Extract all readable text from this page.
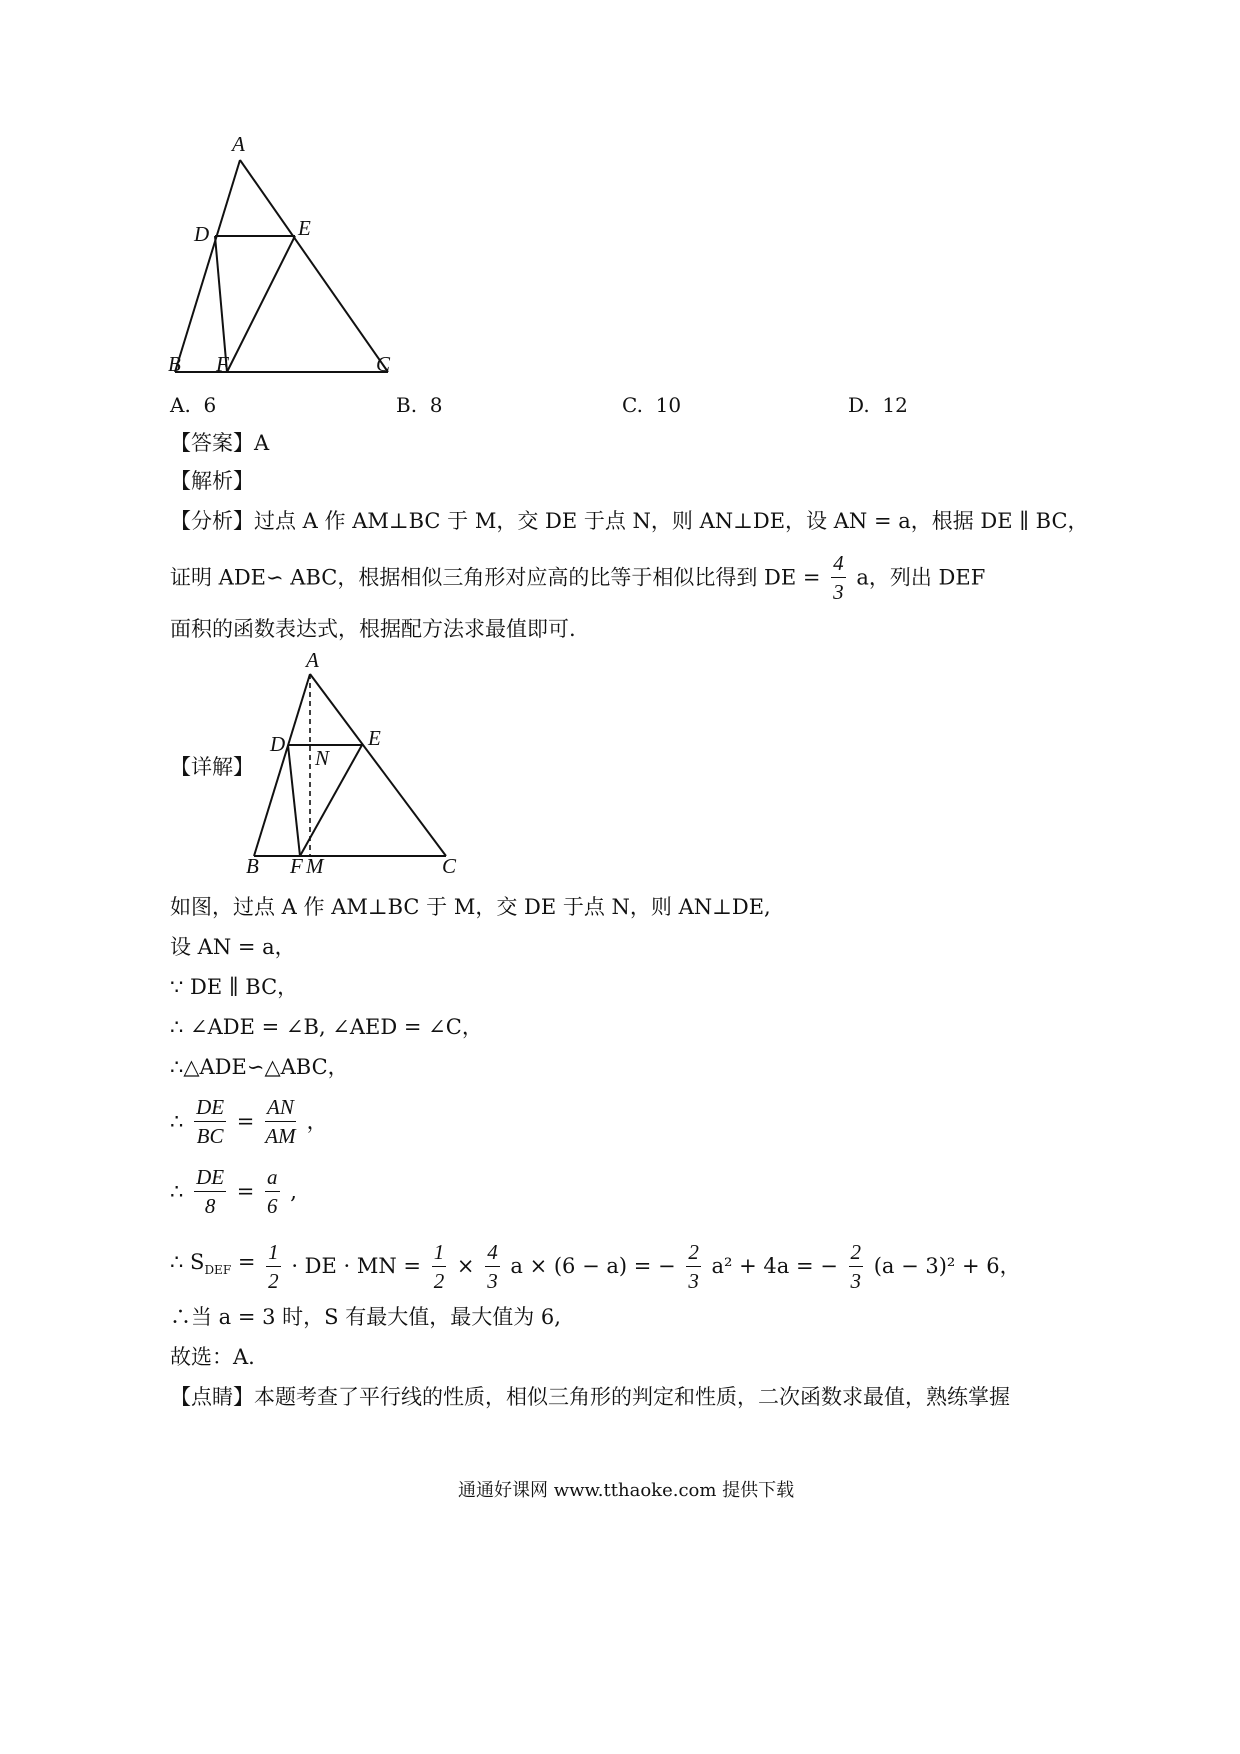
A
D	E
B F	C
A. 6	B. 8	C. 10	D. 12
【答案】A
【解析】
【分析】过点 A 作 AM⊥BC 于 M，交 DE 于点 N，则 AN⊥DE，设 AN = a，根据 DE ∥ BC，
证明 ADE∽ ABC，根据相似三角形对应高的比等于相似比得到 DE = $\frac{4}{3}$ a，列出 DEF
面积的函数表达式，根据配方法求最值即可.
【详解】
A
D	E
N
B F M	C
如图，过点 A 作 AM⊥BC 于 M，交 DE 于点 N，则 AN⊥DE,
设 AN = a，
∵ DE ∥ BC，
∴ ∠ADE = ∠B, ∠AED = ∠C，
∴△ADE∽△ABC，
∴ $\frac{DE}{BC} = \frac{AN}{AM}$ ，
∴ $\frac{DE}{8} = \frac{a}{6}$ ,
∴ $S_{DEF} = \frac{1}{2}$ · DE · MN = $\frac{1}{2} \times \frac{4}{3}$ a × (6 − a) = − $\frac{2}{3} a^2 + 4a$ = − $\frac{2}{3} (a - 3)^2 + 6$，
∴当 a = 3 时，S 有最大值，最大值为 6,
故选：A.
【点睛】本题考查了平行线的性质，相似三角形的判定和性质，二次函数求最值，熟练掌握
通通好课网 www.tthaoke.com 提供下载
